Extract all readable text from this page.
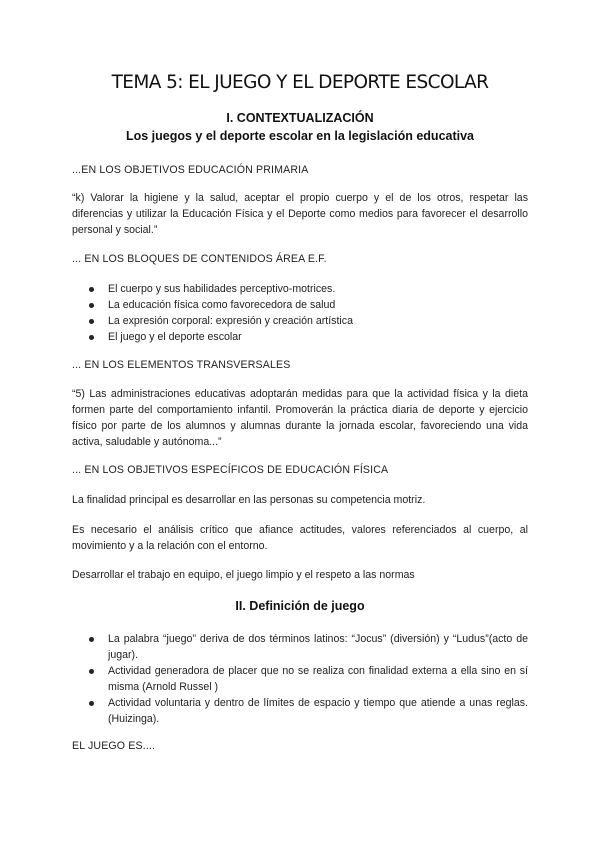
TEMA 5: EL JUEGO Y EL DEPORTE ESCOLAR
I. CONTEXTUALIZACIÓN
Los juegos y el deporte escolar en la legislación educativa
...EN LOS OBJETIVOS EDUCACIÓN PRIMARIA
“k) Valorar la higiene y la salud, aceptar el propio cuerpo y el de los otros, respetar las diferencias y utilizar la Educación Física y el Deporte como medios para favorecer el desarrollo personal y social.”
... EN LOS BLOQUES DE CONTENIDOS ÁREA E.F.
El cuerpo y sus habilidades perceptivo-motrices.
La educación física como favorecedora de salud
La expresión corporal: expresión y creación artística
El juego y el deporte escolar
... EN LOS ELEMENTOS TRANSVERSALES
“5) Las administraciones educativas adoptarán medidas para que la actividad física y la dieta formen parte del comportamiento infantil. Promoverán la práctica diaria de deporte y ejercicio físico por parte de los alumnos y alumnas durante la jornada escolar, favoreciendo una vida activa, saludable y autónoma...”
... EN LOS OBJETIVOS ESPECÍFICOS DE EDUCACIÓN FÍSICA
La finalidad principal es desarrollar en las personas su competencia motriz.
Es necesario el análisis crítico que afiance actitudes, valores referenciados al cuerpo, al movimiento y a la relación con el entorno.
Desarrollar el trabajo en equipo, el juego limpio y el respeto a las normas
II. Definición de juego
La palabra “juego” deriva de dos términos latinos: “Jocus” (diversión) y “Ludus”(acto de jugar).
Actividad generadora de placer que no se realiza con finalidad externa a ella sino en sí misma (Arnold Russel )
Actividad voluntaria y dentro de límites de espacio y tiempo que atiende a unas reglas. (Huizinga).
EL JUEGO ES....
